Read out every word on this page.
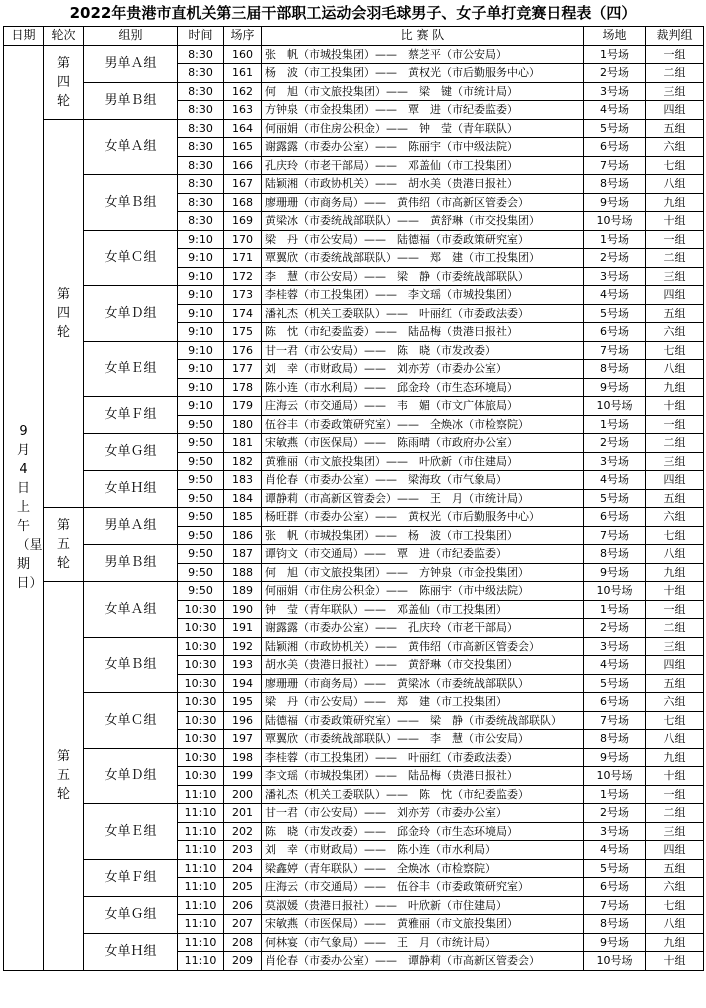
2022年贵港市直机关第三届干部职工运动会羽毛球男子、女子单打竞赛日程表（四）
日期	轮次	组别	时间	场序	比 赛 队	场地	裁判组
9月4日上午（星期日）	第四轮	男单Ａ组	8:30	160	张　帆（市城投集团）——　蔡芝平（市公安局）	1号场	一组
			8:30	161	杨　波（市工投集团）——　黄权光（市后勤服务中心）	2号场	二组
		男单Ｂ组	8:30	162	何　旭（市文旅投集团）——　梁　键（市统计局）	3号场	三组
			8:30	163	方钟泉（市金投集团）——　覃　进（市纪委监委）	4号场	四组
	第四轮	女单Ａ组	8:30	164	何丽娟（市住房公积金）——　钟　莹（青年联队）	5号场	五组
			8:30	165	谢露露（市委办公室）——　陈丽宇（市中级法院）	6号场	六组
			8:30	166	孔庆玲（市老干部局）——　邓盖仙（市工投集团）	7号场	七组
		女单Ｂ组	8:30	167	陆颖湘（市政协机关）——　胡水美（贵港日报社）	8号场	八组
			8:30	168	廖珊珊（市商务局）——　黄伟绍（市高新区管委会）	9号场	九组
			8:30	169	黄梁冰（市委统战部联队）——　黄舒琳（市交投集团）	10号场	十组
		女单Ｃ组	9:10	170	梁　丹（市公安局）——　陆德福（市委政策研究室）	1号场	一组
			9:10	171	覃翼欣（市委统战部联队）——　郑　建（市工投集团）	2号场	二组
			9:10	172	李　慧（市公安局）——　梁　静（市委统战部联队）	3号场	三组
		女单Ｄ组	9:10	173	李桂蓉（市工投集团）——　李文瑶（市城投集团）	4号场	四组
			9:10	174	潘礼杰（机关工委联队）——　叶丽红（市委政法委）	5号场	五组
			9:10	175	陈　忱（市纪委监委）——　陆品梅（贵港日报社）	6号场	六组
		女单Ｅ组	9:10	176	甘一君（市公安局）——　陈　晓（市发改委）	7号场	七组
			9:10	177	刘　幸（市财政局）——　刘亦芳（市委办公室）	8号场	八组
			9:10	178	陈小连（市水利局）——　邱金玲（市生态环境局）	9号场	九组
		女单Ｆ组	9:10	179	庄海云（市交通局）——　韦　媚（市文广体旅局）	10号场	十组
			9:50	180	伍谷丰（市委政策研究室）——　全焕冰（市检察院）	1号场	一组
		女单Ｇ组	9:50	181	宋敏燕（市医保局）——　陈雨晴（市政府办公室）	2号场	二组
			9:50	182	黄雅丽（市文旅投集团）——　叶欣新（市住建局）	3号场	三组
		女单Ｈ组	9:50	183	肖伦春（市委办公室）——　梁海玫（市气象局）	4号场	四组
			9:50	184	谭静莉（市高新区管委会）——　王　月（市统计局）	5号场	五组
	第五轮	男单Ａ组	9:50	185	杨旺群（市委办公室）——　黄权光（市后勤服务中心）	6号场	六组
			9:50	186	张　帆（市城投集团）——　杨　波（市工投集团）	7号场	七组
		男单Ｂ组	9:50	187	谭钧文（市交通局）——　覃　进（市纪委监委）	8号场	八组
			9:50	188	何　旭（市文旅投集团）——　方钟泉（市金投集团）	9号场	九组
	第五轮	女单Ａ组	9:50	189	何丽娟（市住房公积金）——　陈丽宇（市中级法院）	10号场	十组
			10:30	190	钟　莹（青年联队）——　邓盖仙（市工投集团）	1号场	一组
			10:30	191	谢露露（市委办公室）——　孔庆玲（市老干部局）	2号场	二组
		女单Ｂ组	10:30	192	陆颖湘（市政协机关）——　黄伟绍（市高新区管委会）	3号场	三组
			10:30	193	胡水美（贵港日报社）——　黄舒琳（市交投集团）	4号场	四组
			10:30	194	廖珊珊（市商务局）——　黄梁冰（市委统战部联队）	5号场	五组
		女单Ｃ组	10:30	195	梁　丹（市公安局）——　郑　建（市工投集团）	6号场	六组
			10:30	196	陆德福（市委政策研究室）——　梁　静（市委统战部联队）	7号场	七组
			10:30	197	覃翼欣（市委统战部联队）——　李　慧（市公安局）	8号场	八组
		女单Ｄ组	10:30	198	李桂蓉（市工投集团）——　叶丽红（市委政法委）	9号场	九组
			10:30	199	李文瑶（市城投集团）——　陆品梅（贵港日报社）	10号场	十组
			11:10	200	潘礼杰（机关工委联队）——　陈　忱（市纪委监委）	1号场	一组
		女单Ｅ组	11:10	201	甘一君（市公安局）——　刘亦芳（市委办公室）	2号场	二组
			11:10	202	陈　晓（市发改委）——　邱金玲（市生态环境局）	3号场	三组
			11:10	203	刘　幸（市财政局）——　陈小连（市水利局）	4号场	四组
		女单Ｆ组	11:10	204	梁鑫婷（青年联队）——　全焕冰（市检察院）	5号场	五组
			11:10	205	庄海云（市交通局）——　伍谷丰（市委政策研究室）	6号场	六组
		女单Ｇ组	11:10	206	莫淑媛（贵港日报社）——　叶欣新（市住建局）	7号场	七组
			11:10	207	宋敏燕（市医保局）——　黄雅丽（市文旅投集团）	8号场	八组
		女单Ｈ组	11:10	208	何林宴（市气象局）——　王　月（市统计局）	9号场	九组
			11:10	209	肖伦春（市委办公室）——　谭静莉（市高新区管委会）	10号场	十组
